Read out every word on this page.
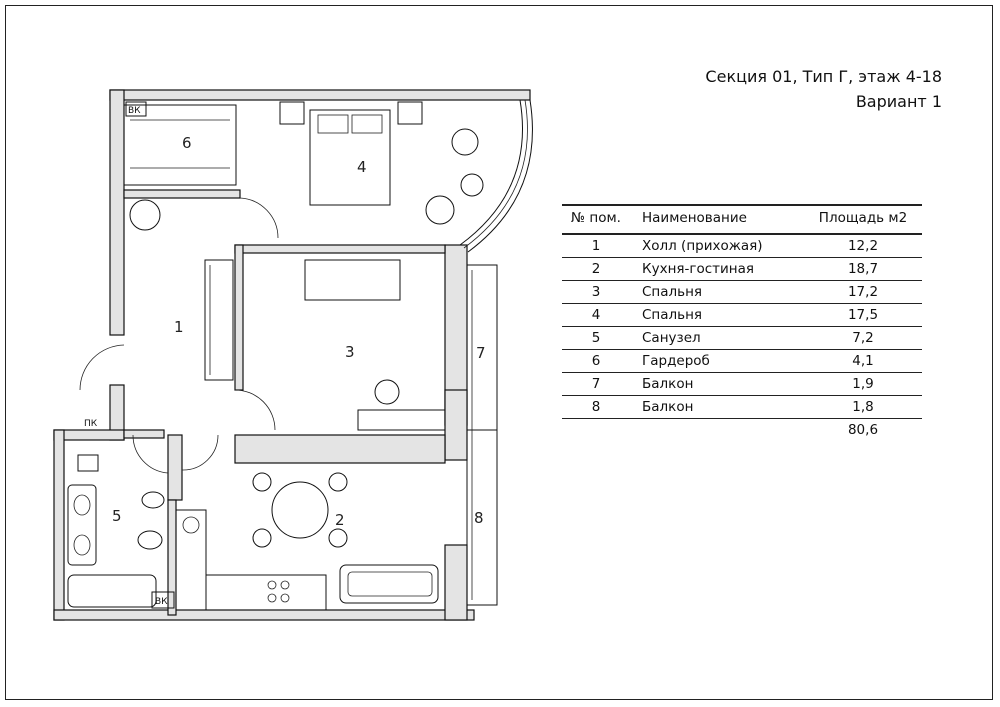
Секция 01, Тип Г, этаж 4-18
Вариант 1
1
2
3
4
5
6
7
8
ВК
ВК
ПК
№ пом.	Наименование	Площадь м2
1	Холл (прихожая)	12,2
2	Кухня-гостиная	18,7
3	Спальня	17,2
4	Спальня	17,5
5	Санузел	7,2
6	Гардероб	4,1
7	Балкон	1,9
8	Балкон	1,8
		80,6
